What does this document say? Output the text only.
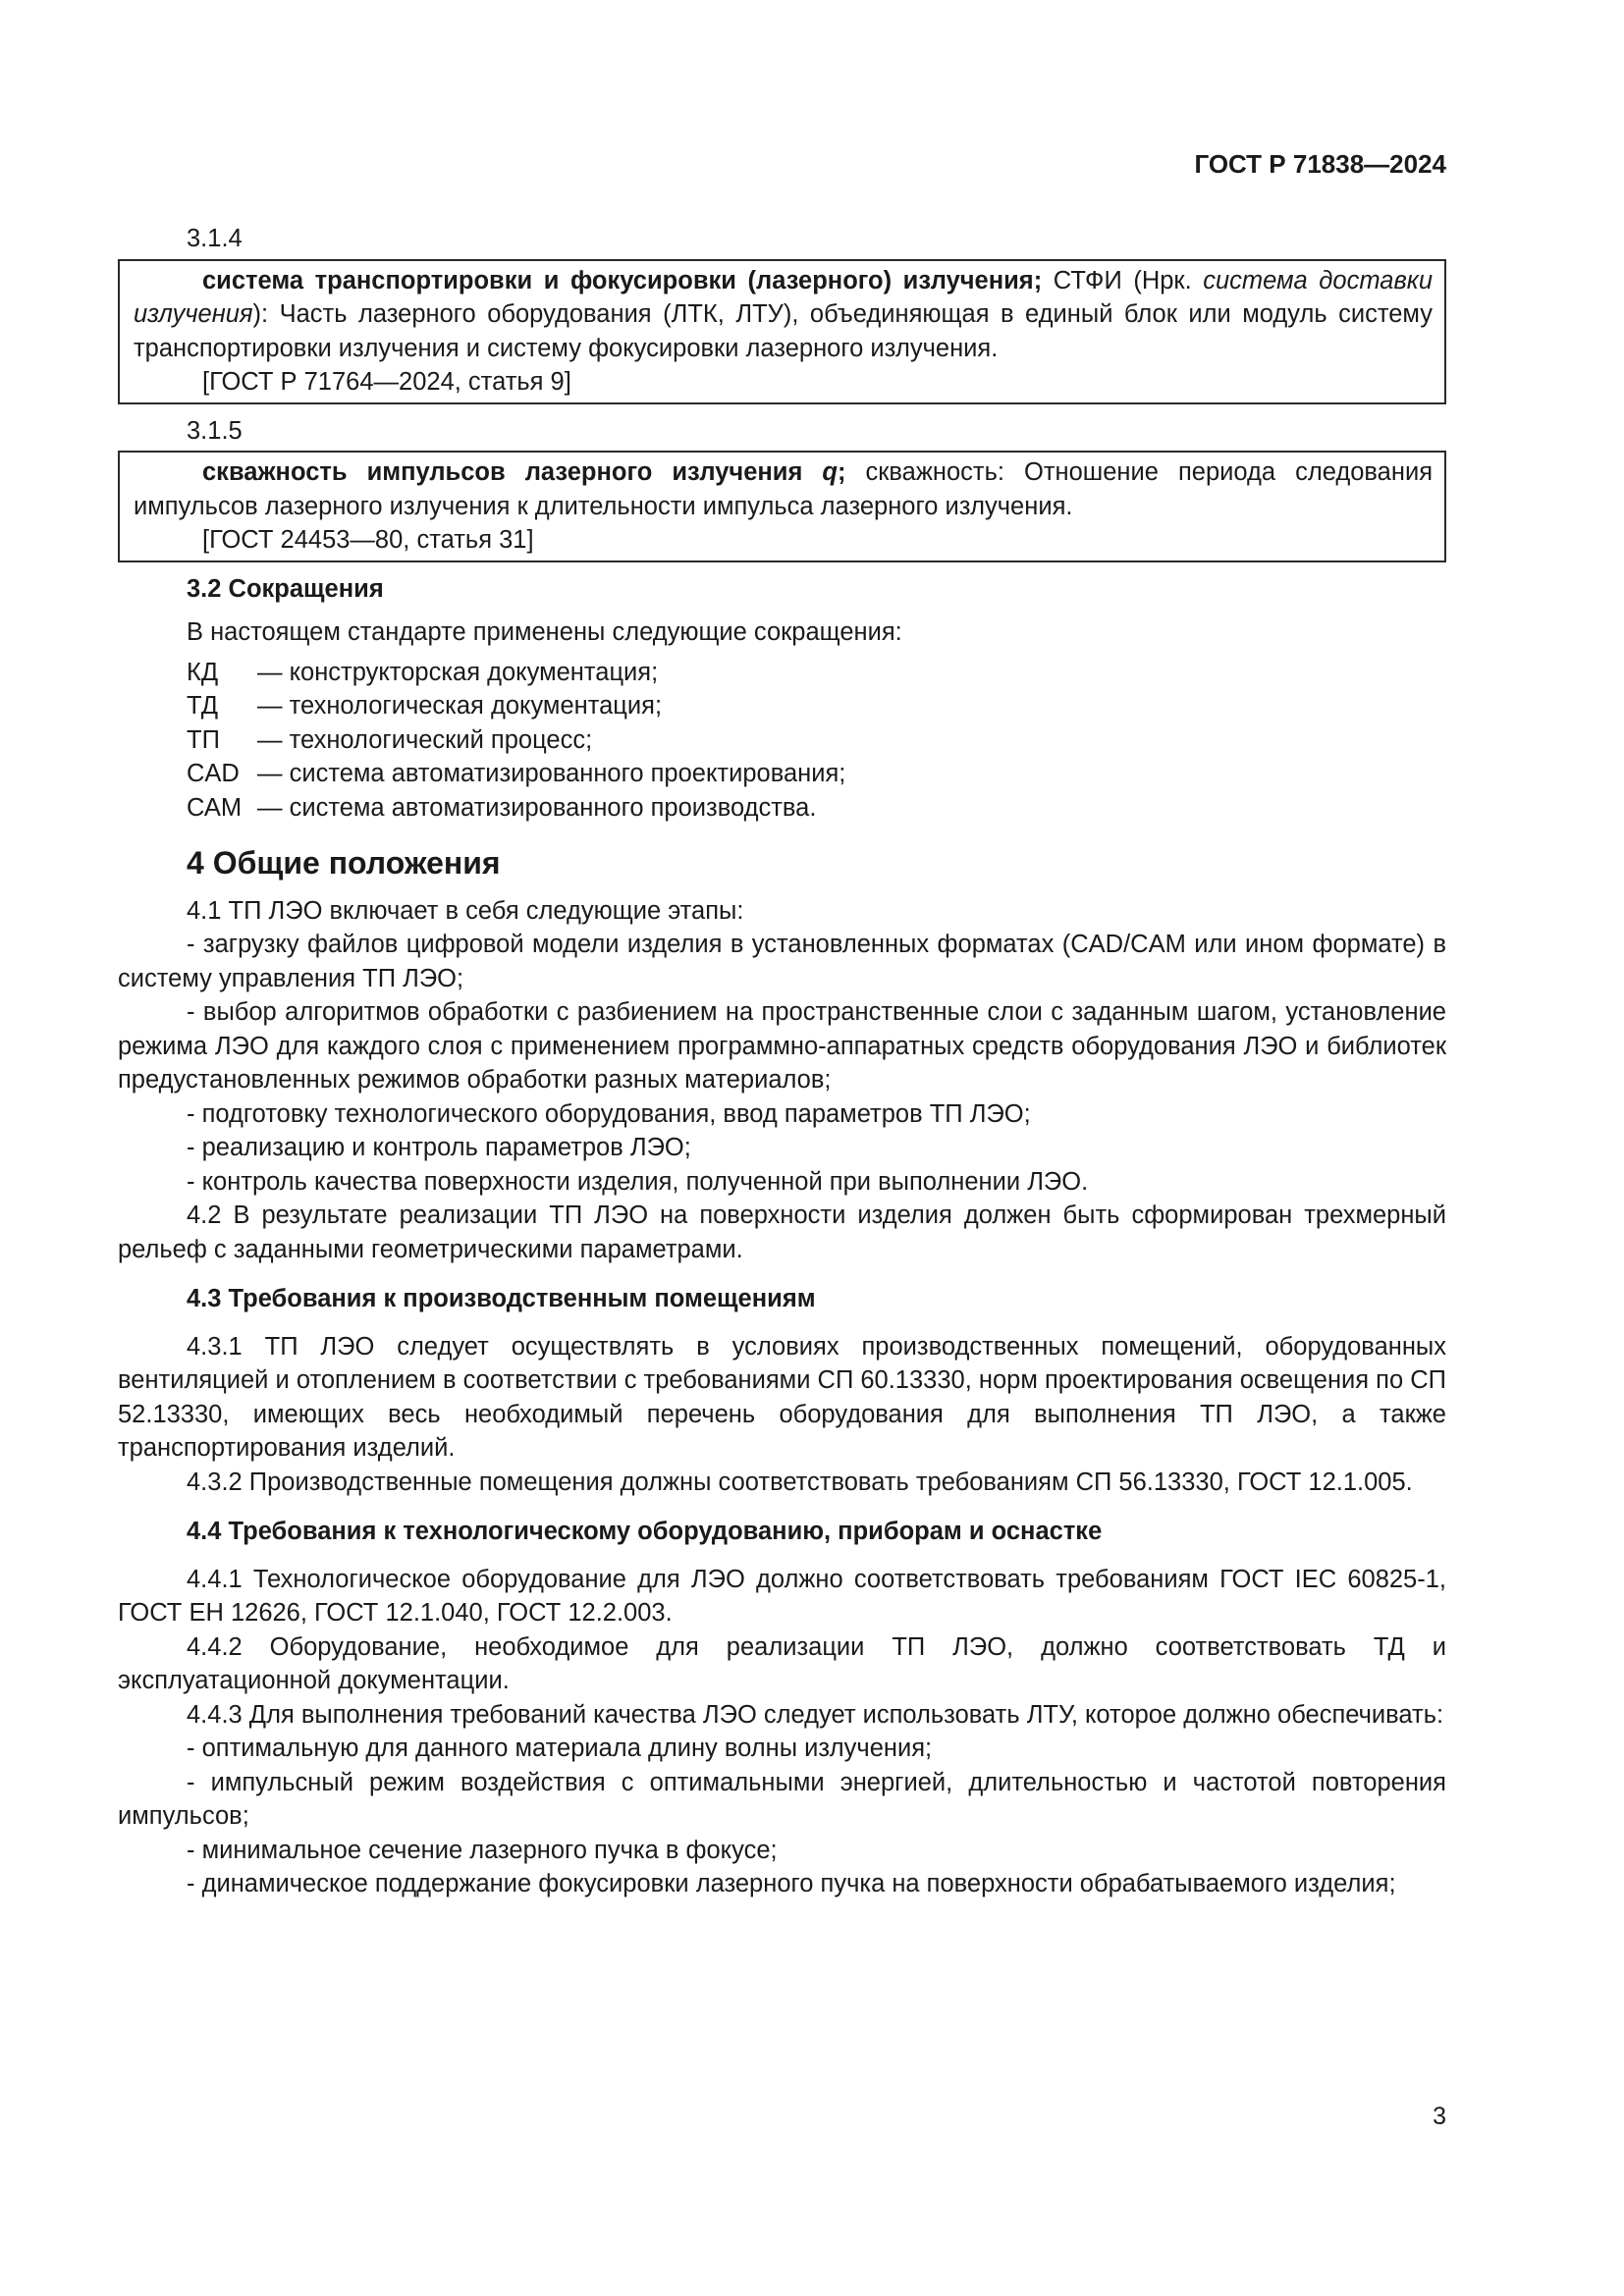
ГОСТ Р 71838—2024

3.1.4

система транспортировки и фокусировки (лазерного) излучения; СТФИ (Нрк. система доставки излучения): Часть лазерного оборудования (ЛТК, ЛТУ), объединяющая в единый блок или модуль систему транспортировки излучения и систему фокусировки лазерного излучения.

[ГОСТ Р 71764—2024, статья 9]

3.1.5

скважность импульсов лазерного излучения q; скважность: Отношение периода следования импульсов лазерного излучения к длительности импульса лазерного излучения.

[ГОСТ 24453—80, статья 31]

3.2 Сокращения

В настоящем стандарте применены следующие сокращения:

КД	— конструкторская документация;
ТД	— технологическая документация;
ТП	— технологический процесс;
CAD — система автоматизированного проектирования;
САМ — система автоматизированного производства.

4 Общие положения

4.1 ТП ЛЭО включает в себя следующие этапы:

- загрузку файлов цифровой модели изделия в установленных форматах (CAD/CAM или ином формате) в систему управления ТП ЛЭО;

- выбор алгоритмов обработки с разбиением на пространственные слои с заданным шагом, установление режима ЛЭО для каждого слоя с применением программно-аппаратных средств оборудования ЛЭО и библиотек предустановленных режимов обработки разных материалов;

- подготовку технологического оборудования, ввод параметров ТП ЛЭО;

- реализацию и контроль параметров ЛЭО;

- контроль качества поверхности изделия, полученной при выполнении ЛЭО.

4.2 В результате реализации ТП ЛЭО на поверхности изделия должен быть сформирован трехмерный рельеф с заданными геометрическими параметрами.

4.3 Требования к производственным помещениям

4.3.1 ТП ЛЭО следует осуществлять в условиях производственных помещений, оборудованных вентиляцией и отоплением в соответствии с требованиями СП 60.13330, норм проектирования освещения по СП 52.13330, имеющих весь необходимый перечень оборудования для выполнения ТП ЛЭО, а также транспортирования изделий.

4.3.2 Производственные помещения должны соответствовать требованиям СП 56.13330, ГОСТ 12.1.005.

4.4 Требования к технологическому оборудованию, приборам и оснастке

4.4.1 Технологическое оборудование для ЛЭО должно соответствовать требованиям ГОСТ IEC 60825-1, ГОСТ ЕН 12626, ГОСТ 12.1.040, ГОСТ 12.2.003.

4.4.2 Оборудование, необходимое для реализации ТП ЛЭО, должно соответствовать ТД и эксплуатационной документации.

4.4.3 Для выполнения требований качества ЛЭО следует использовать ЛТУ, которое должно обеспечивать:

- оптимальную для данного материала длину волны излучения;

- импульсный режим воздействия с оптимальными энергией, длительностью и частотой повторения импульсов;

- минимальное сечение лазерного пучка в фокусе;

- динамическое поддержание фокусировки лазерного пучка на поверхности обрабатываемого изделия;

3
